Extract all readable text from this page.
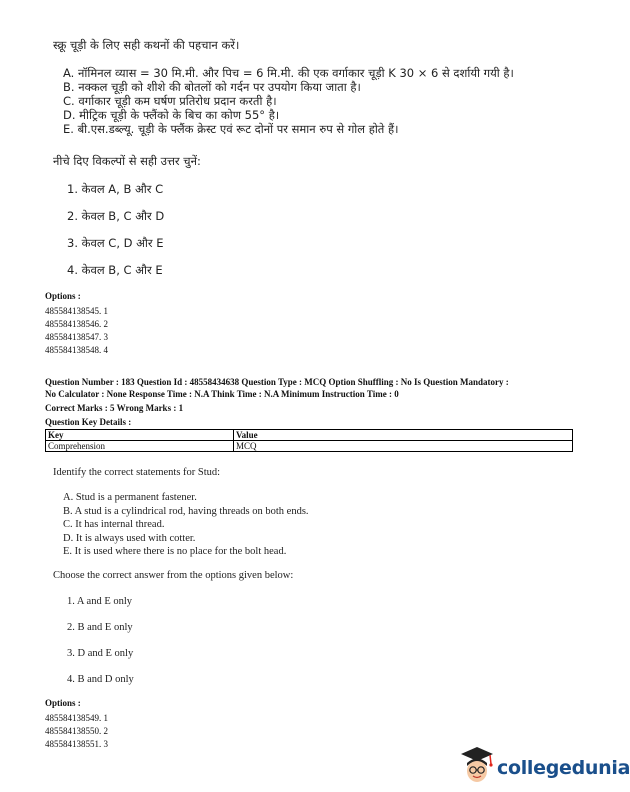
स्क्रू चूड़ी के लिए सही कथनों की पहचान करें।
A. नॉमिनल व्यास = 30 मि.मी. और पिच = 6 मि.मी. की एक वर्गाकार चूड़ी K 30 × 6 से दर्शायी गयी है।
B. नक्कल चूड़ी को शीशे की बोतलों को गर्दन पर उपयोग किया जाता है।
C. वर्गाकार चूड़ी कम घर्षण प्रतिरोध प्रदान करती है।
D. मीट्रिक चूड़ी के फ्लैंको के बिच का कोण 55° है।
E. बी.एस.डब्ल्यू. चूड़ी के फ्लैंक क्रेस्ट एवं रूट दोनों पर समान रुप से गोल होते हैं।
नीचे दिए विकल्पों से सही उत्तर चुनें:
1. केवल A, B और C
2. केवल B, C और D
3. केवल C, D और E
4. केवल B, C और E
Options :
485584138545. 1
485584138546. 2
485584138547. 3
485584138548. 4
Question Number : 183 Question Id : 48558434638 Question Type : MCQ Option Shuffling : No Is Question Mandatory :
No Calculator : None Response Time : N.A Think Time : N.A Minimum Instruction Time : 0
Correct Marks : 5 Wrong Marks : 1
Question Key Details :
Key	Value
Comprehension	MCQ
Identify the correct statements for Stud:
A. Stud is a permanent fastener.
B. A stud is a cylindrical rod, having threads on both ends.
C. It has internal thread.
D. It is always used with cotter.
E. It is used where there is no place for the bolt head.
Choose the correct answer from the options given below:
1. A and E only
2. B and E only
3. D and E only
4. B and D only
Options :
485584138549. 1
485584138550. 2
485584138551. 3
collegedunia
